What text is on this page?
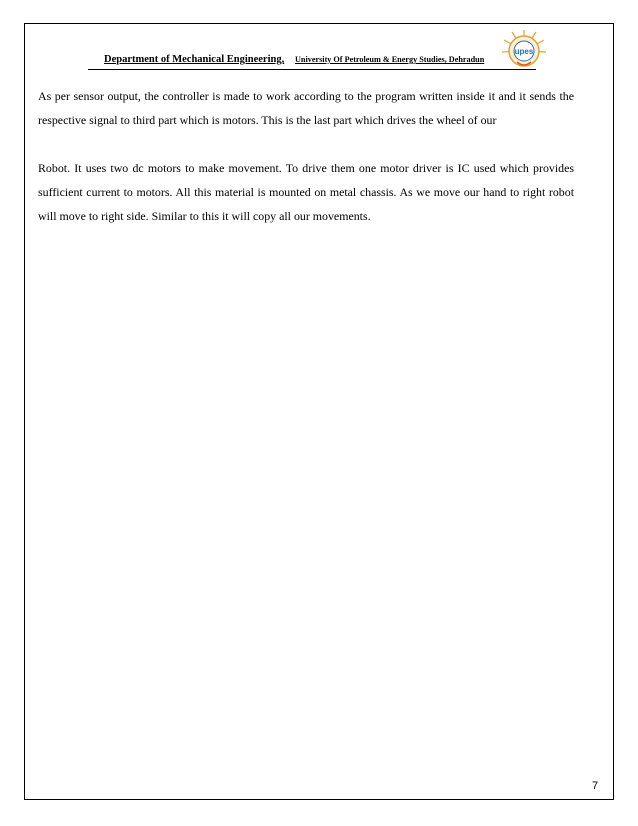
Department of Mechanical Engineering, University Of Petroleum & Energy Studies, Dehradun
upes

As per sensor output, the controller is made to work according to the program written inside it and it sends the respective signal to third part which is motors. This is the last part which drives the wheel of our

Robot. It uses two dc motors to make movement. To drive them one motor driver is IC used which provides sufficient current to motors. All this material is mounted on metal chassis. As we move our hand to right robot will move to right side. Similar to this it will copy all our movements.

7
